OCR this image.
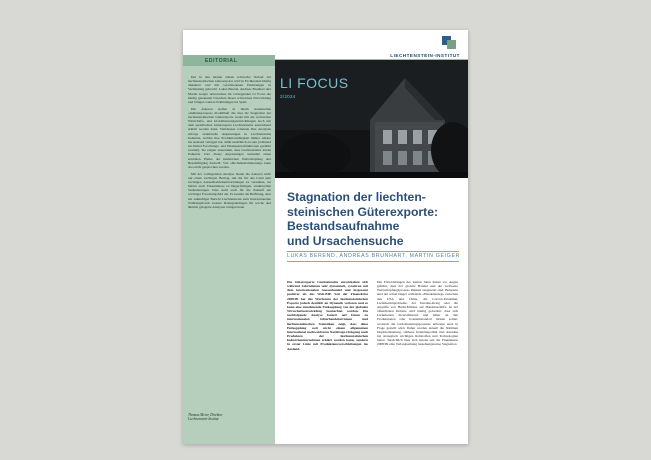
LIECHTENSTEIN-INSTITUT
EDITORIAL

Der in den letzten Jahren schwache Verlauf der liechtensteinischen Güterexporte wird in Fachkreisen häufig diskutiert und mit verschiedenen Erklärungen in Verbindung gebracht. Lukas Berend, Andreas Brunhart und Martin Geiger untersuchen im vorliegenden LI Focus die häufig genannten Ursachen dieser schwachen Entwicklung und bringen weitere Erklärungen ins Spiel.

Die Autoren stellen in ihrem statistischen «Indizienprozess» modellhaft das dass die Stagnation der liechtensteinischen Güterexporte weder mit der weltweiten Wirtschafts- und Globalisierungsentwicklungen noch mit dem spezifischen Güterexporte Liechtensteins ausreichend erklärt werden kann. Stattdessen scheinen Ihre Analysen zufolge strukturelle Anpassungen in Liechtensteins Industrie, welche ihre Produktionstätigkeit immer stärker ins Ausland verlagert hat, dafür ursächlich zu sein (während im Inland Forschungs- und Headquarterfunktionen gestärkt werden). Sie zeigen ausserdem, dass Liechtensteins lokale Industrie trotz dieser Anpassungen weiterhin einen zentralen Pfeiler der heimischen Wertschöpfung und Beschäftigung darstellt. Von «De-Industrialisierung» kann also nicht gesprochen werden.

Mit der vorliegenden Analyse bieten die Autoren nicht nur einen wichtigen Beitrag, um die für das Land sehr wichtigen Aussenhandelsentwicklungen zu verstehen, sie liefern auch Erkenntnisse zu längerfristigen, strukturellen Veränderungen. Dies stellt auch für die Zukunft ein wichtiger Forschungsfeld dar. Es besteht die Hoffnung, dass ein zukünftiger Bericht Liechtensteins zum Internationalen Währungsfonds weitere Datengrundlagen für solche und ähnlich gelagerte Analysen bringen kann.

Thomas Meier, Direktor
Liechtenstein-Institut
LI FOCUS
2/2024
Stagnation der liechten-
steinischen Güterexporte:
Bestandsaufnahme
und Ursachensuche
LUKAS BEREND, ANDREAS BRUNHART, MARTIN GEIGER

Die Güterexporte Liechtensteins entwickelten sich während Jahrzehnten sehr dynamisch, synchron mit dem internationalen Aussenhandel und insgesamt positiver als das Welt-BIP. Seit der Finanzkrise 2008/09 hat das Wachstum der liechtensteinischen Exporte jedoch deutlich an Dynamik verloren und es kann eine zunehmende Entkopplung von der globalen Wirtschaftsentwicklung beobachtet werden. Die nachfolgende Analyse basiert auf Daten zu internationalen Güterhandelsströmen und liechtensteinischen Statistiken zeigt, dass diese Entkopplung weit nicht einem allgemeinen international nachweisbaren Nachfrage-rückgang nach Produkten der liechtensteinischen Industrieunternehmen erklärt werden kann, sondern in erster Linie mit Produktionsverschiebungen ins Ausland.

Die Entwicklungen der letzten Jahre haben vor Augen geführt, dass der globale Handel und der weltweite Wertschöpfungsprozess Risiken ausgesetzt sind. Beispiele sind der schon länger währende «Handelskrieg» zwischen den USA und China, die Corona-Pandemie, Lieferkettenprobleme, der Ukraine-Krieg oder die Angriffe von Huthi-Milizen auf Handelsschiffe. In der öffentlichen Debatte wird häufig gefordert, dass sich Lieferketten diversifizieren und näher an den Produktionen oder Konsumstandort rücken sollen, wodurch die Globalisierungsprozesse teilweise auch in Frage gestellt wird. Daher werden aktuell die Stimmen Deglobalisierung, stärkere Industriepolitik und Autarkie bei strategisch wichtigen Rohstoffen und Technologien lauter. Tatsächlich lässt sich bereits seit der Finanzkrise 2008/09 eine Verlangsamung bestehungsweise Stagnation
